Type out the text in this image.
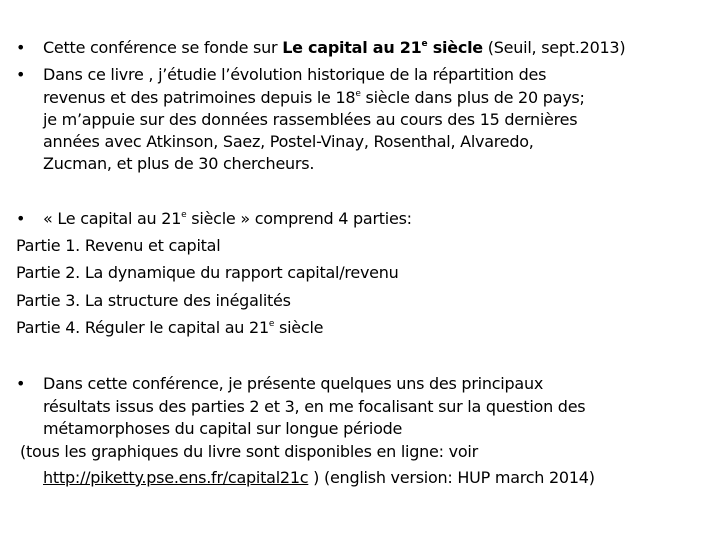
• Cette conférence se fonde sur Le capital au 21e siècle (Seuil, sept.2013)
• Dans ce livre , j’étudie l’évolution historique de la répartition des
revenus et des patrimoines depuis le 18e siècle dans plus de 20 pays;
je m’appuie sur des données rassemblées au cours des 15 dernières
années avec Atkinson, Saez, Postel-Vinay, Rosenthal, Alvaredo,
Zucman, et plus de 30 chercheurs.
• « Le capital au 21e siècle » comprend 4 parties:
Partie 1. Revenu et capital
Partie 2. La dynamique du rapport capital/revenu
Partie 3. La structure des inégalités
Partie 4. Réguler le capital au 21e siècle
• Dans cette conférence, je présente quelques uns des principaux
résultats issus des parties 2 et 3, en me focalisant sur la question des
métamorphoses du capital sur longue période
(tous les graphiques du livre sont disponibles en ligne: voir
http://piketty.pse.ens.fr/capital21c ) (english version: HUP march 2014)
